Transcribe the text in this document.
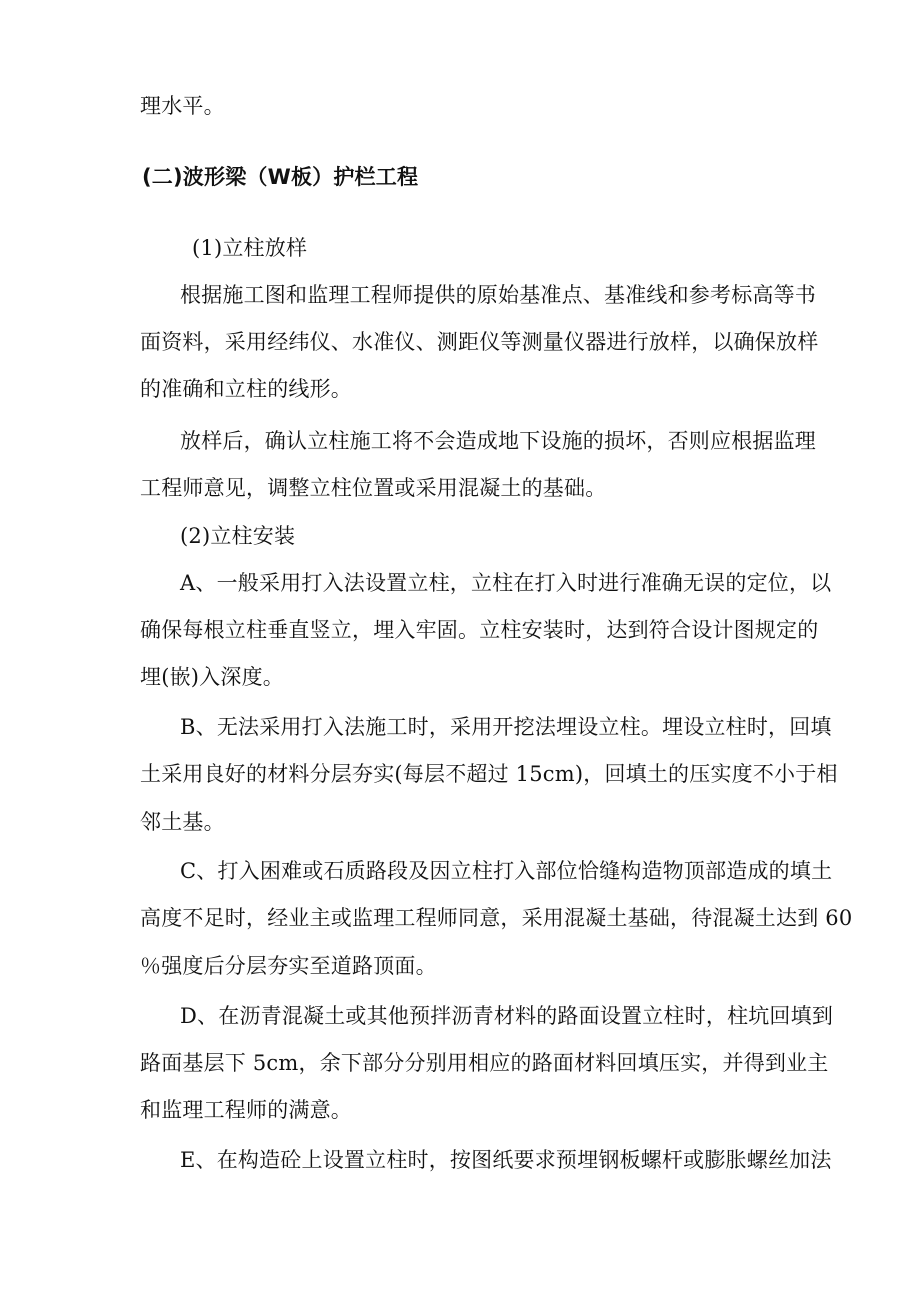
理水平。
(二)波形梁（W板）护栏工程
(1)立柱放样
根据施工图和监理工程师提供的原始基准点、基准线和参考标高等书
面资料，采用经纬仪、水准仪、测距仪等测量仪器进行放样，以确保放样
的准确和立柱的线形。
放样后，确认立柱施工将不会造成地下设施的损坏，否则应根据监理
工程师意见，调整立柱位置或采用混凝土的基础。
(2)立柱安装
A、一般采用打入法设置立柱，立柱在打入时进行准确无误的定位，以
确保每根立柱垂直竖立，埋入牢固。立柱安装时，达到符合设计图规定的
埋(嵌)入深度。
B、无法采用打入法施工时，采用开挖法埋设立柱。埋设立柱时，回填
土采用良好的材料分层夯实(每层不超过 15cm)，回填土的压实度不小于相
邻土基。
C、打入困难或石质路段及因立柱打入部位恰缝构造物顶部造成的填土
高度不足时，经业主或监理工程师同意，采用混凝土基础，待混凝土达到 60
％强度后分层夯实至道路顶面。
D、在沥青混凝土或其他预拌沥青材料的路面设置立柱时，柱坑回填到
路面基层下 5cm，余下部分分别用相应的路面材料回填压实，并得到业主
和监理工程师的满意。
E、在构造砼上设置立柱时，按图纸要求预埋钢板螺杆或膨胀螺丝加法
